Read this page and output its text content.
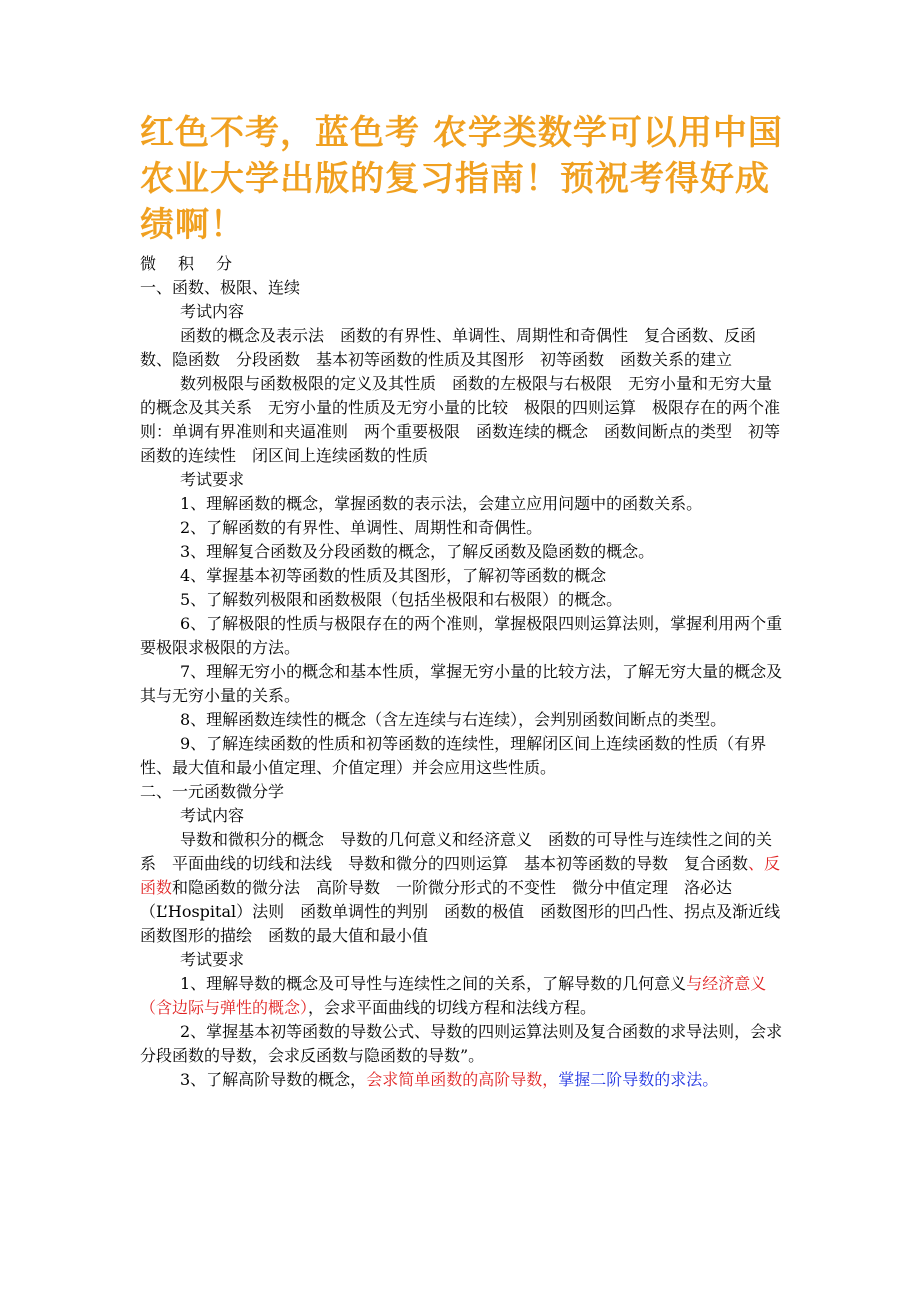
红色不考，蓝色考 农学类数学可以用中国农业大学出版的复习指南！预祝考得好成绩啊！

微积分

一、函数、极限、连续

考试内容

函数的概念及表示法　函数的有界性、单调性、周期性和奇偶性　复合函数、反函数、隐函数　分段函数　基本初等函数的性质及其图形　初等函数　函数关系的建立

数列极限与函数极限的定义及其性质　函数的左极限与右极限　无穷小量和无穷大量的概念及其关系　无穷小量的性质及无穷小量的比较　极限的四则运算　极限存在的两个准则：单调有界准则和夹逼准则　两个重要极限　函数连续的概念　函数间断点的类型　初等函数的连续性　闭区间上连续函数的性质

考试要求

1、理解函数的概念，掌握函数的表示法，会建立应用问题中的函数关系。

2、了解函数的有界性、单调性、周期性和奇偶性。

3、理解复合函数及分段函数的概念，了解反函数及隐函数的概念。

4、掌握基本初等函数的性质及其图形，了解初等函数的概念

5、了解数列极限和函数极限（包括坐极限和右极限）的概念。

6、了解极限的性质与极限存在的两个准则，掌握极限四则运算法则，掌握利用两个重要极限求极限的方法。

7、理解无穷小的概念和基本性质，掌握无穷小量的比较方法，了解无穷大量的概念及其与无穷小量的关系。

8、理解函数连续性的概念（含左连续与右连续），会判别函数间断点的类型。

9、了解连续函数的性质和初等函数的连续性，理解闭区间上连续函数的性质（有界性、最大值和最小值定理、介值定理）并会应用这些性质。

二、一元函数微分学

考试内容

导数和微积分的概念　导数的几何意义和经济意义　函数的可导性与连续性之间的关系　平面曲线的切线和法线　导数和微分的四则运算　基本初等函数的导数　复合函数、反函数和隐函数的微分法　高阶导数　一阶微分形式的不变性　微分中值定理　洛必达（L’Hospital）法则　函数单调性的判别　函数的极值　函数图形的凹凸性、拐点及渐近线　函数图形的描绘　函数的最大值和最小值

考试要求

1、理解导数的概念及可导性与连续性之间的关系，了解导数的几何意义与经济意义（含边际与弹性的概念），会求平面曲线的切线方程和法线方程。

2、掌握基本初等函数的导数公式、导数的四则运算法则及复合函数的求导法则，会求分段函数的导数，会求反函数与隐函数的导数”。

3、了解高阶导数的概念，会求简单函数的高阶导数，掌握二阶导数的求法。
